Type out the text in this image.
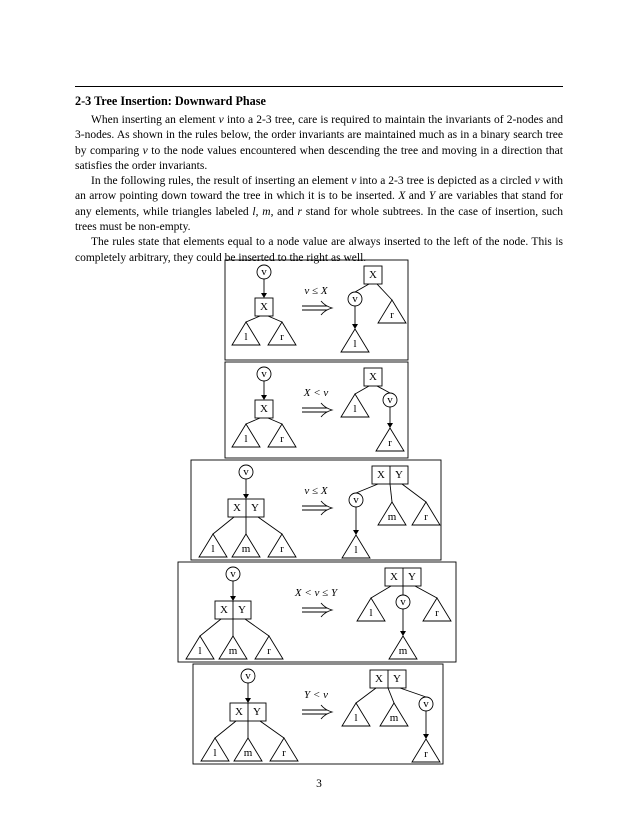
2-3 Tree Insertion: Downward Phase

When inserting an element v into a 2-3 tree, care is required to maintain the invariants of 2-nodes and 3-nodes. As shown in the rules below, the order invariants are maintained much as in a binary search tree by comparing v to the node values encountered when descending the tree and moving in a direction that satisfies the order invariants.

In the following rules, the result of inserting an element v into a 2-3 tree is depicted as a circled v with an arrow pointing down toward the tree in which it is to be inserted. X and Y are variables that stand for any elements, while triangles labeled l, m, and r stand for whole subtrees. In the case of insertion, such trees must be non-empty.

The rules state that elements equal to a node value are always inserted to the left of the node. This is completely arbitrary, they could be inserted to the right as well.

v ≤ X
v
X
l	r
X
v
l
r
X < v
v
X
l	r
X
l
v
r
v ≤ X
v
X Y
l m	r
X Y
v
l
m	r
X < v ≤ Y
v
X Y
l m	r
X Y
l
v
m
r
Y < v
v
X Y
l m	r
X Y
l	m
v
r
3
